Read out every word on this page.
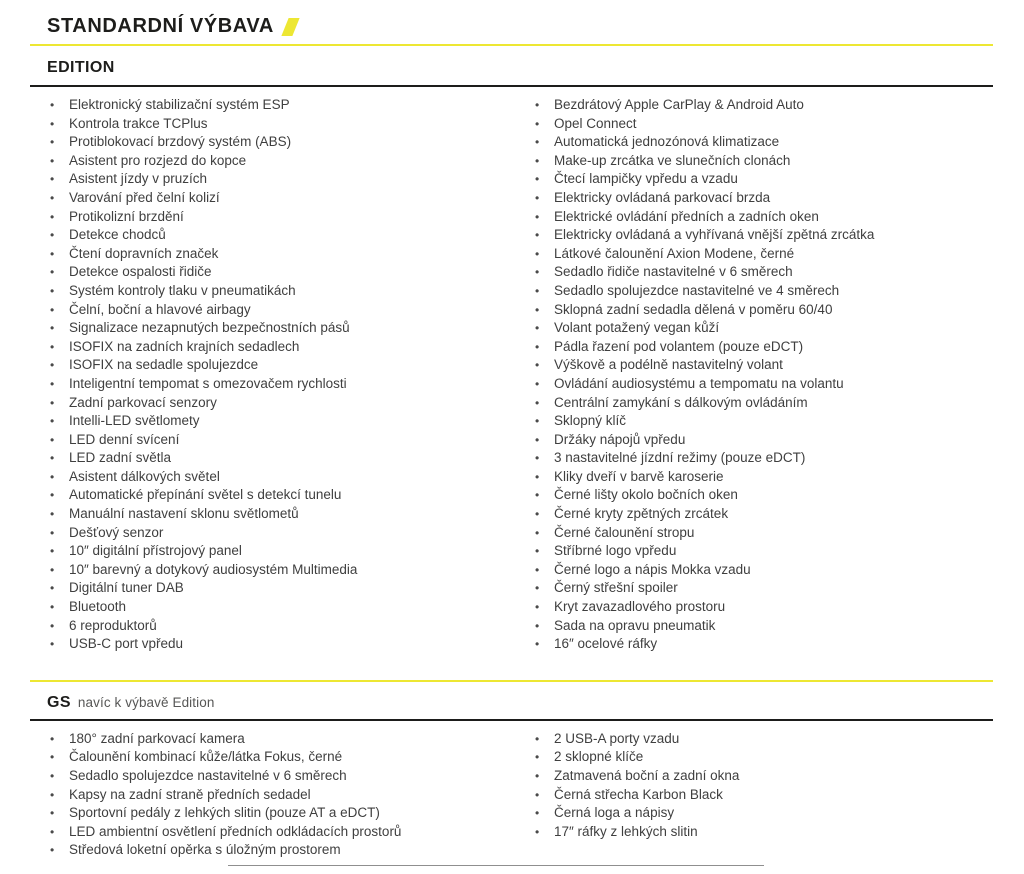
STANDARDNÍ VÝBAVA
EDITION
•	Elektronický stabilizační systém ESP
•	Kontrola trakce TCPlus
•	Protiblokovací brzdový systém (ABS)
•	Asistent pro rozjezd do kopce
•	Asistent jízdy v pruzích
•	Varování před čelní kolizí
•	Protikolizní brzdění
•	Detekce chodců
•	Čtení dopravních značek
•	Detekce ospalosti řidiče
•	Systém kontroly tlaku v pneumatikách
•	Čelní, boční a hlavové airbagy
•	Signalizace nezapnutých bezpečnostních pásů
•	ISOFIX na zadních krajních sedadlech
•	ISOFIX na sedadle spolujezdce
•	Inteligentní tempomat s omezovačem rychlosti
•	Zadní parkovací senzory
•	Intelli-LED světlomety
•	LED denní svícení
•	LED zadní světla
•	Asistent dálkových světel
•	Automatické přepínání světel s detekcí tunelu
•	Manuální nastavení sklonu světlometů
•	Dešťový senzor
•	10″ digitální přístrojový panel
•	10″ barevný a dotykový audiosystém Multimedia
•	Digitální tuner DAB
•	Bluetooth
•	6 reproduktorů
•	USB-C port vpředu
•	Bezdrátový Apple CarPlay & Android Auto
•	Opel Connect
•	Automatická jednozónová klimatizace
•	Make-up zrcátka ve slunečních clonách
•	Čtecí lampičky vpředu a vzadu
•	Elektricky ovládaná parkovací brzda
•	Elektrické ovládání předních a zadních oken
•	Elektricky ovládaná a vyhřívaná vnější zpětná zrcátka
•	Látkové čalounění Axion Modene, černé
•	Sedadlo řidiče nastavitelné v 6 směrech
•	Sedadlo spolujezdce nastavitelné ve 4 směrech
•	Sklopná zadní sedadla dělená v poměru 60/40
•	Volant potažený vegan kůží
•	Pádla řazení pod volantem (pouze eDCT)
•	Výškově a podélně nastavitelný volant
•	Ovládání audiosystému a tempomatu na volantu
•	Centrální zamykání s dálkovým ovládáním
•	Sklopný klíč
•	Držáky nápojů vpředu
•	3 nastavitelné jízdní režimy (pouze eDCT)
•	Kliky dveří v barvě karoserie
•	Černé lišty okolo bočních oken
•	Černé kryty zpětných zrcátek
•	Černé čalounění stropu
•	Stříbrné logo vpředu
•	Černé logo a nápis Mokka vzadu
•	Černý střešní spoiler
•	Kryt zavazadlového prostoru
•	Sada na opravu pneumatik
•	16″ ocelové ráfky
GS navíc k výbavě Edition
•	180° zadní parkovací kamera
•	Čalounění kombinací kůže/látka Fokus, černé
•	Sedadlo spolujezdce nastavitelné v 6 směrech
•	Kapsy na zadní straně předních sedadel
•	Sportovní pedály z lehkých slitin (pouze AT a eDCT)
•	LED ambientní osvětlení předních odkládacích prostorů
•	Středová loketní opěrka s úložným prostorem
•	2 USB-A porty vzadu
•	2 sklopné klíče
•	Zatmavená boční a zadní okna
•	Černá střecha Karbon Black
•	Černá loga a nápisy
•	17″ ráfky z lehkých slitin
